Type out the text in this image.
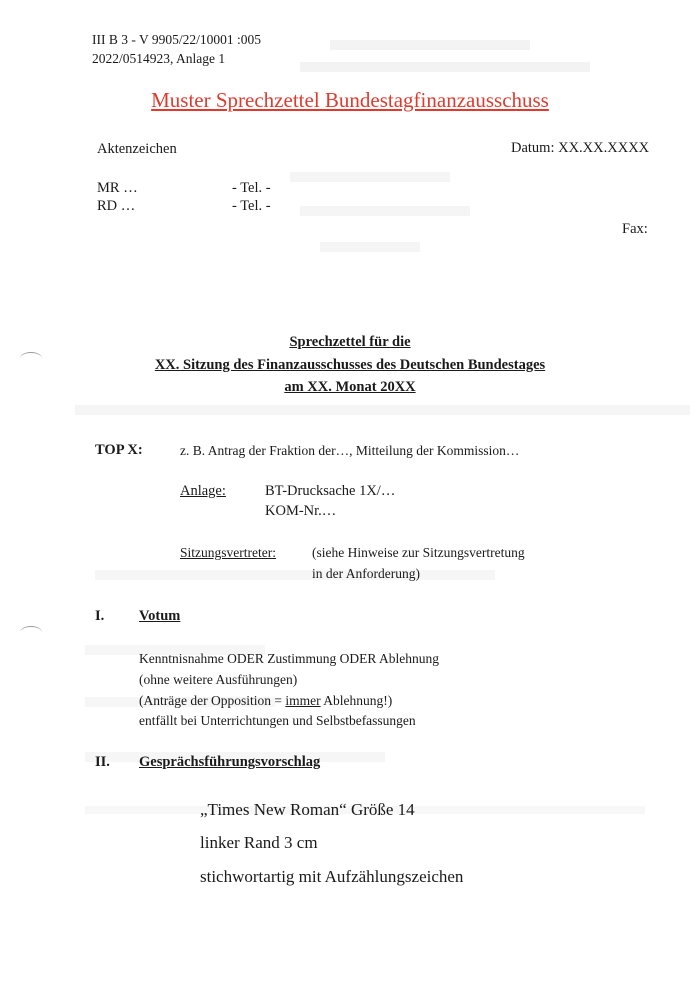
III B 3 - V 9905/22/10001 :005
2022/0514923, Anlage 1
Muster Sprechzettel Bundestagfinanzausschuss
Aktenzeichen	Datum: XX.XX.XXXX
MR …	- Tel. -
RD …	- Tel. -
Fax:
Sprechzettel für die
XX. Sitzung des Finanzausschusses des Deutschen Bundestages
am XX. Monat 20XX
TOP X:	z. B. Antrag der Fraktion der…, Mitteilung der Kommission…
Anlage:	BT-Drucksache 1X/…
KOM-Nr.…
Sitzungsvertreter:	(siehe Hinweise zur Sitzungsvertretung
in der Anforderung)
I. Votum
Kenntnisnahme ODER Zustimmung ODER Ablehnung
(ohne weitere Ausführungen)
(Anträge der Opposition = immer Ablehnung!)
entfällt bei Unterrichtungen und Selbstbefassungen
II. Gesprächsführungsvorschlag
„Times New Roman“ Größe 14
linker Rand 3 cm
stichwortartig mit Aufzählungszeichen
